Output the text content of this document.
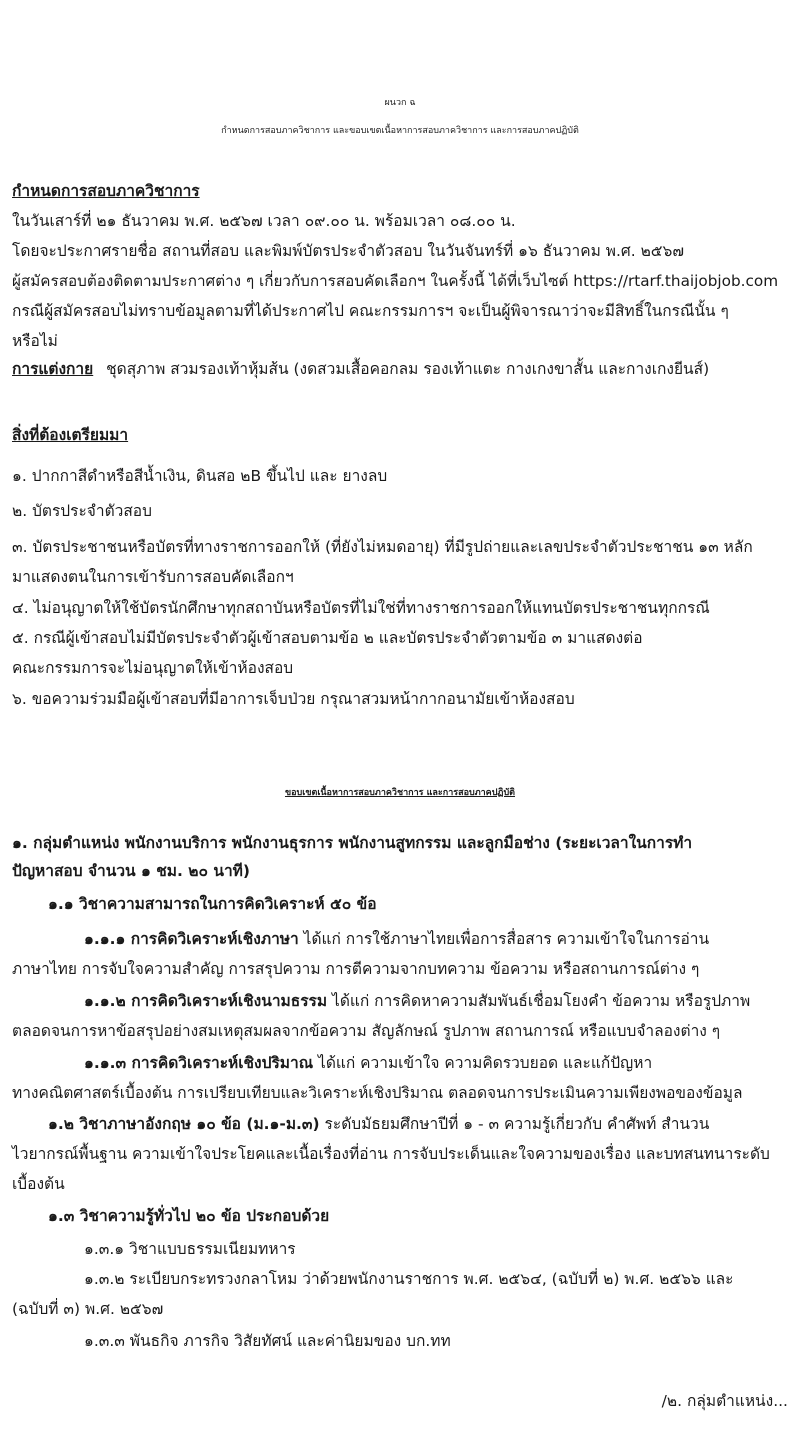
ผนวก ฉ
กำหนดการสอบภาควิชาการ และขอบเขตเนื้อหาการสอบภาควิชาการ และการสอบภาคปฏิบัติ
กำหนดการสอบภาควิชาการ
ในวันเสาร์ที่ ๒๑ ธันวาคม พ.ศ. ๒๕๖๗ เวลา ๐๙.๐๐ น. พร้อมเวลา ๐๘.๐๐ น.
โดยจะประกาศรายชื่อ สถานที่สอบ และพิมพ์บัตรประจำตัวสอบ ในวันจันทร์ที่ ๑๖ ธันวาคม พ.ศ. ๒๕๖๗
ผู้สมัครสอบต้องติดตามประกาศต่าง ๆ เกี่ยวกับการสอบคัดเลือกฯ ในครั้งนี้ ได้ที่เว็บไซต์ https://rtarf.thaijobjob.com
กรณีผู้สมัครสอบไม่ทราบข้อมูลตามที่ได้ประกาศไป คณะกรรมการฯ จะเป็นผู้พิจารณาว่าจะมีสิทธิ์ในกรณีนั้น ๆ
หรือไม่
การแต่งกาย ชุดสุภาพ สวมรองเท้าหุ้มส้น (งดสวมเสื้อคอกลม รองเท้าแตะ กางเกงขาสั้น และกางเกงยีนส์)
สิ่งที่ต้องเตรียมมา
๑. ปากกาสีดำหรือสีน้ำเงิน, ดินสอ ๒B ขึ้นไป และ ยางลบ
๒. บัตรประจำตัวสอบ
๓. บัตรประชาชนหรือบัตรที่ทางราชการออกให้ (ที่ยังไม่หมดอายุ) ที่มีรูปถ่ายและเลขประจำตัวประชาชน ๑๓ หลัก
มาแสดงตนในการเข้ารับการสอบคัดเลือกฯ
๔. ไม่อนุญาตให้ใช้บัตรนักศึกษาทุกสถาบันหรือบัตรที่ไม่ใช่ที่ทางราชการออกให้แทนบัตรประชาชนทุกกรณี
๕. กรณีผู้เข้าสอบไม่มีบัตรประจำตัวผู้เข้าสอบตามข้อ ๒ และบัตรประจำตัวตามข้อ ๓ มาแสดงต่อ
คณะกรรมการจะไม่อนุญาตให้เข้าห้องสอบ
๖. ขอความร่วมมือผู้เข้าสอบที่มีอาการเจ็บป่วย กรุณาสวมหน้ากากอนามัยเข้าห้องสอบ
ขอบเขตเนื้อหาการสอบภาควิชาการ และการสอบภาคปฏิบัติ
๑. กลุ่มตำแหน่ง พนักงานบริการ พนักงานธุรการ พนักงานสูทกรรม และลูกมือช่าง (ระยะเวลาในการทำ
ปัญหาสอบ จำนวน ๑ ชม. ๒๐ นาที)
๑.๑ วิชาความสามารถในการคิดวิเคราะห์ ๕๐ ข้อ
๑.๑.๑ การคิดวิเคราะห์เชิงภาษา ได้แก่ การใช้ภาษาไทยเพื่อการสื่อสาร ความเข้าใจในการอ่าน
ภาษาไทย การจับใจความสำคัญ การสรุปความ การตีความจากบทความ ข้อความ หรือสถานการณ์ต่าง ๆ
๑.๑.๒ การคิดวิเคราะห์เชิงนามธรรม ได้แก่ การคิดหาความสัมพันธ์เชื่อมโยงคำ ข้อความ หรือรูปภาพ
ตลอดจนการหาข้อสรุปอย่างสมเหตุสมผลจากข้อความ สัญลักษณ์ รูปภาพ สถานการณ์ หรือแบบจำลองต่าง ๆ
๑.๑.๓ การคิดวิเคราะห์เชิงปริมาณ ได้แก่ ความเข้าใจ ความคิดรวบยอด และแก้ปัญหา
ทางคณิตศาสตร์เบื้องต้น การเปรียบเทียบและวิเคราะห์เชิงปริมาณ ตลอดจนการประเมินความเพียงพอของข้อมูล
๑.๒ วิชาภาษาอังกฤษ ๑๐ ข้อ (ม.๑-ม.๓) ระดับมัธยมศึกษาปีที่ ๑ - ๓ ความรู้เกี่ยวกับ คำศัพท์ สำนวน
ไวยากรณ์พื้นฐาน ความเข้าใจประโยคและเนื้อเรื่องที่อ่าน การจับประเด็นและใจความของเรื่อง และบทสนทนาระดับ
เบื้องต้น
๑.๓ วิชาความรู้ทั่วไป ๒๐ ข้อ ประกอบด้วย
๑.๓.๑ วิชาแบบธรรมเนียมทหาร
๑.๓.๒ ระเบียบกระทรวงกลาโหม ว่าด้วยพนักงานราชการ พ.ศ. ๒๕๖๔, (ฉบับที่ ๒) พ.ศ. ๒๕๖๖ และ
(ฉบับที่ ๓) พ.ศ. ๒๕๖๗
๑.๓.๓ พันธกิจ ภารกิจ วิสัยทัศน์ และค่านิยมของ บก.ทท
/๒. กลุ่มตำแหน่ง...
